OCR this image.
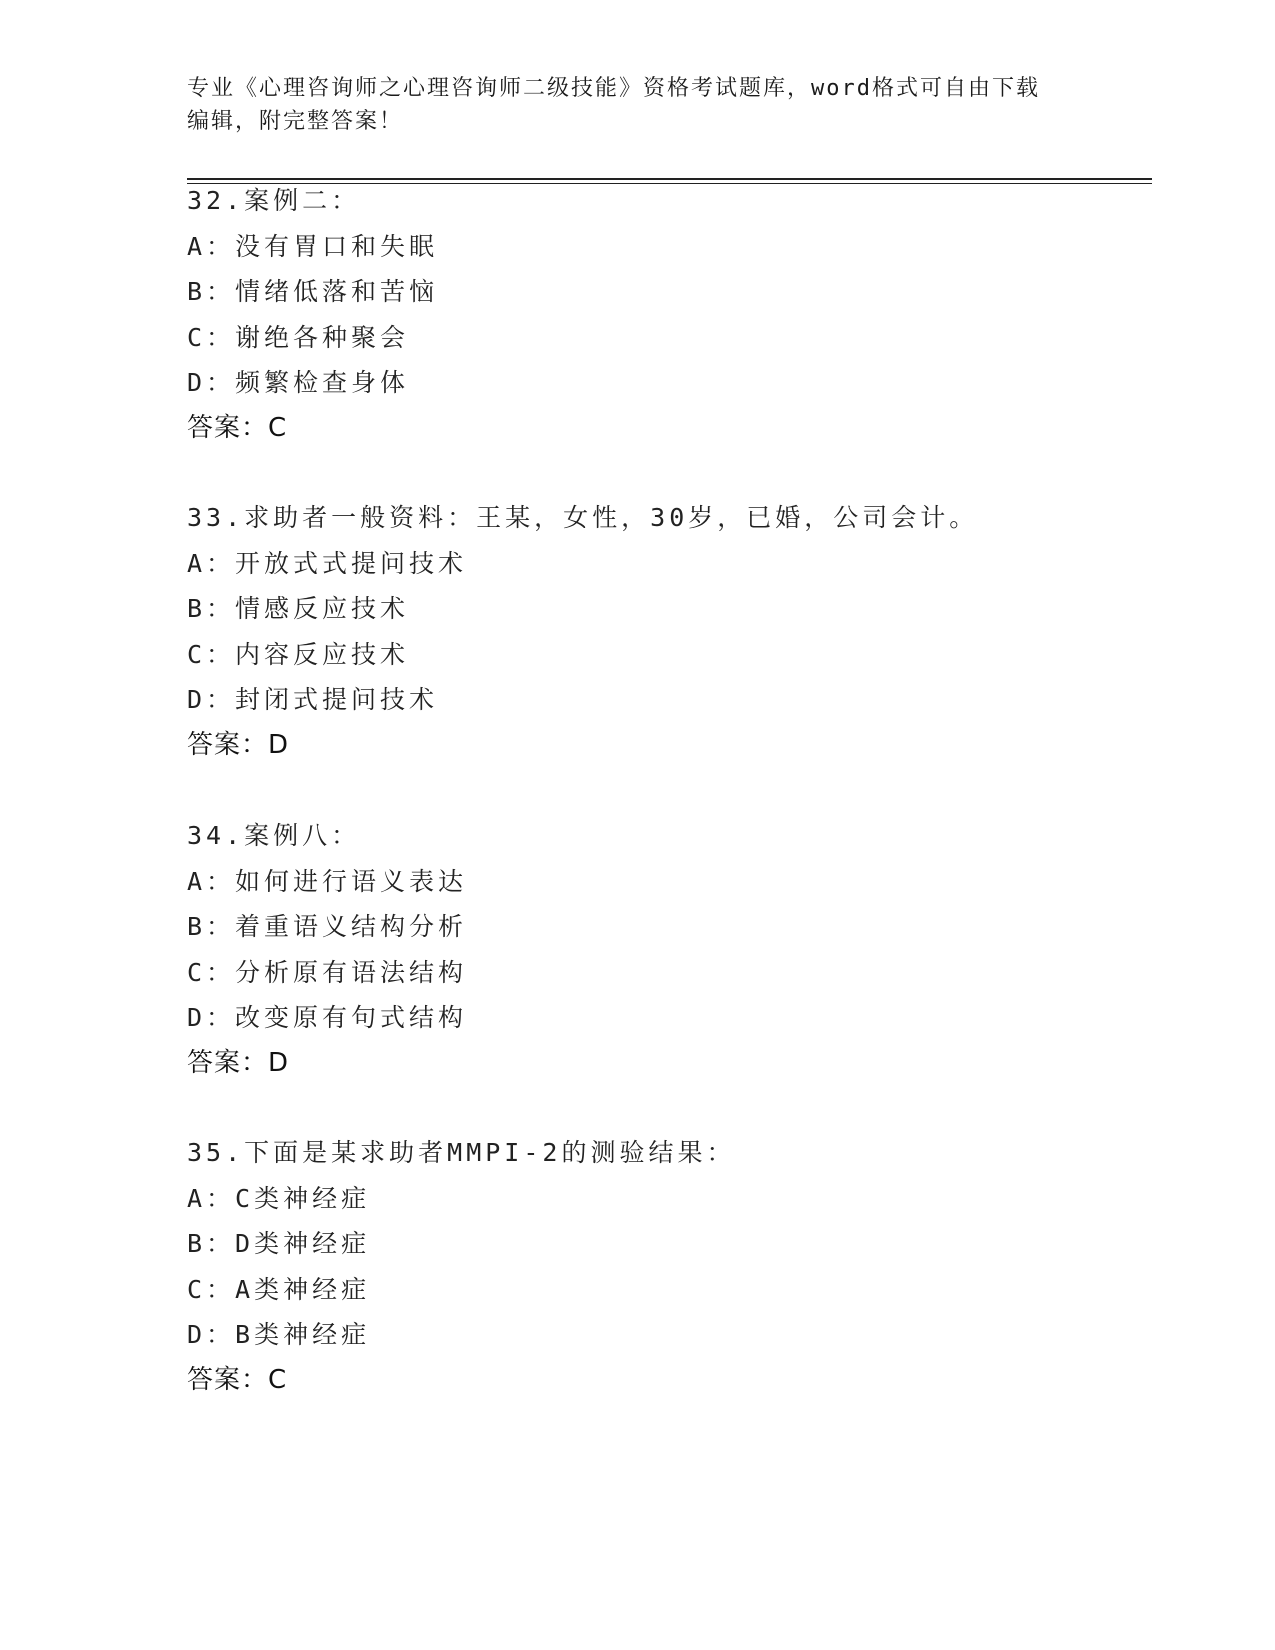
专业《心理咨询师之心理咨询师二级技能》资格考试题库，word格式可自由下载
编辑，附完整答案！
32.案例二：
A：没有胃口和失眠
B：情绪低落和苦恼
C：谢绝各种聚会
D：频繁检查身体
答案：C
33.求助者一般资料：王某，女性，30岁，已婚，公司会计。
A：开放式式提问技术
B：情感反应技术
C：内容反应技术
D：封闭式提问技术
答案：D
34.案例八：
A：如何进行语义表达
B：着重语义结构分析
C：分析原有语法结构
D：改变原有句式结构
答案：D
35.下面是某求助者MMPI-2的测验结果：
A：C类神经症
B：D类神经症
C：A类神经症
D：B类神经症
答案：C
